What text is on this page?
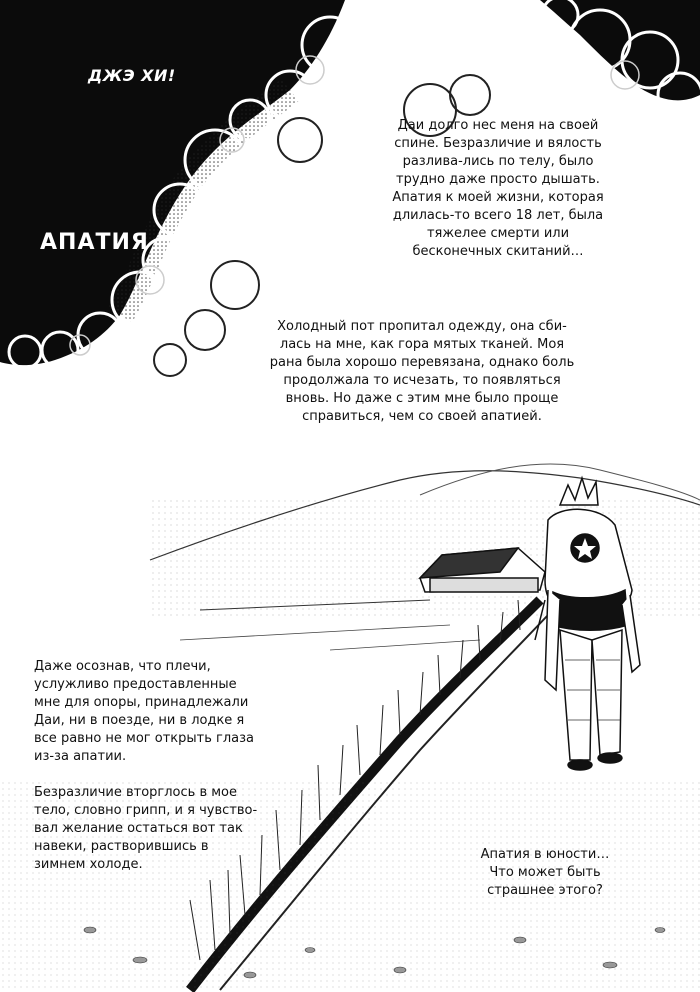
ДЖЭ ХИ!
АПАТИЯ
Даи долго нес меня на своей спине. Безразличие и вялость разлива-лись по телу, было трудно даже просто дышать. Апатия к моей жизни, которая длилась-то всего 18 лет, была тяжелее смерти или бесконечных скитаний…
Холодный пот пропитал одежду, она сби-лась на мне, как гора мятых тканей. Моя рана была хорошо перевязана, однако боль продолжала то исчезать, то появляться вновь. Но даже с этим мне было проще справиться, чем со своей апатией.

Даже осознав, что плечи, услужливо предоставленные мне для опоры, принадлежали Даи, ни в поезде, ни в лодке я все равно не мог открыть глаза из-за апатии.

Безразличие вторглось в мое тело, словно грипп, и я чувство-вал желание остаться вот так навеки, растворившись в зимнем холоде.

Апатия в юности… Что может быть страшнее этого?
